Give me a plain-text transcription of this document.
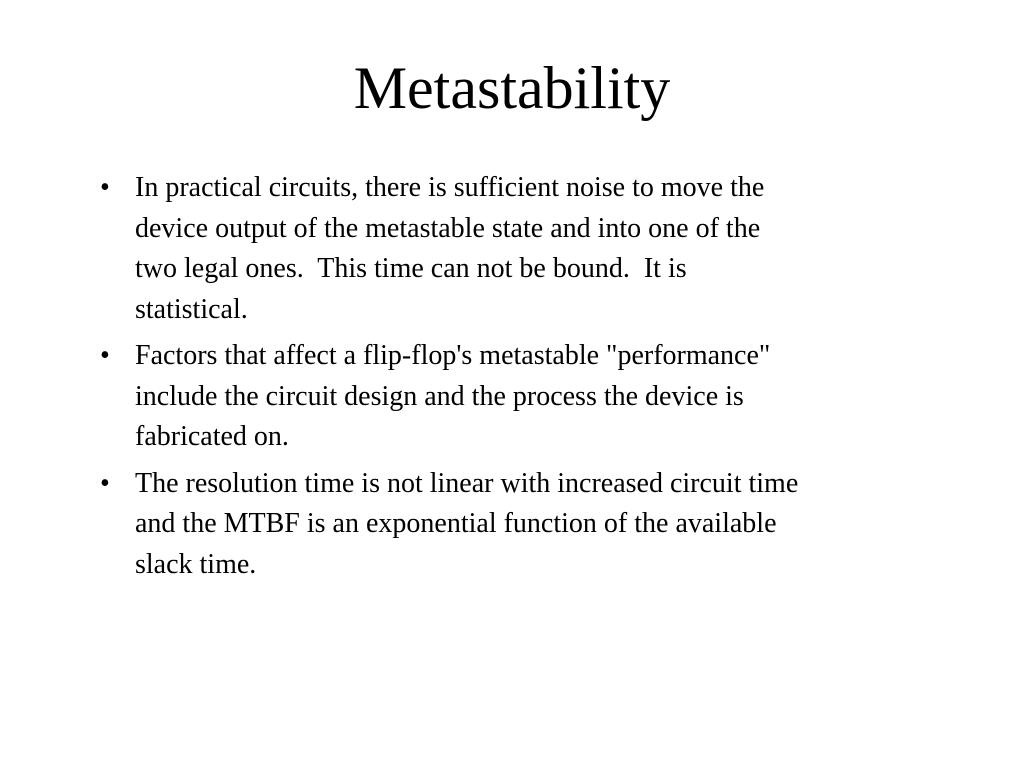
Metastability
• In practical circuits, there is sufficient noise to move the
device output of the metastable state and into one of the
two legal ones.  This time can not be bound.  It is
statistical.
• Factors that affect a flip-flop's metastable "performance"
include the circuit design and the process the device is
fabricated on.
• The resolution time is not linear with increased circuit time
and the MTBF is an exponential function of the available
slack time.
